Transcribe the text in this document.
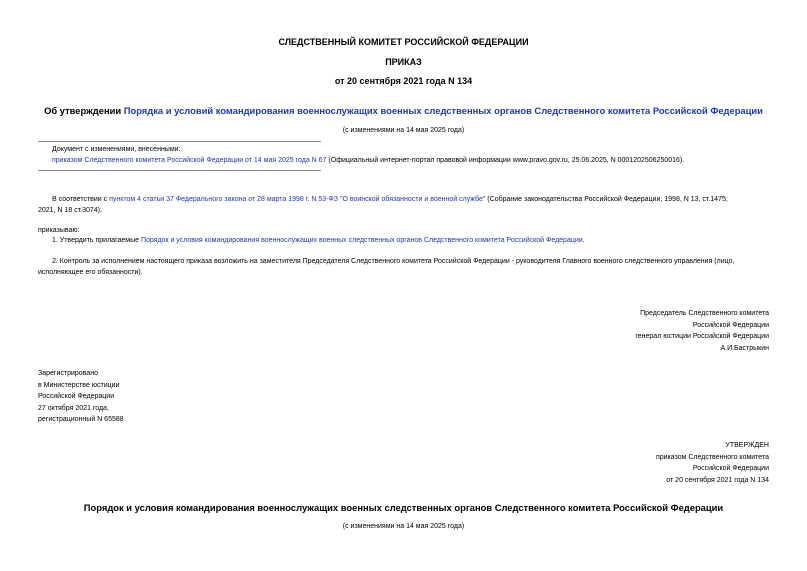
СЛЕДСТВЕННЫЙ КОМИТЕТ РОССИЙСКОЙ ФЕДЕРАЦИИ
ПРИКАЗ
от 20 сентября 2021 года N 134
Об утверждении Порядка и условий командирования военнослужащих военных следственных органов Следственного комитета Российской Федерации
(с изменениями на 14 мая 2025 года)
Документ с изменениями, внесенными:
приказом Следственного комитета Российской Федерации от 14 мая 2025 года N 67 (Официальный интернет-портал правовой информации www.pravo.gov.ru, 25.06.2025, N 0001202506250016).
В соответствии с пунктом 4 статьи 37 Федерального закона от 28 марта 1998 г. N 53-ФЗ "О воинской обязанности и военной службе" (Собрание законодательства Российской Федерации, 1998, N 13, ст.1475;
2021, N 18 ст.3074),
приказываю:
1. Утвердить прилагаемые Порядок и условия командирования военнослужащих военных следственных органов Следственного комитета Российской Федерации.
2. Контроль за исполнением настоящего приказа возложить на заместителя Председателя Следственного комитета Российской Федерации - руководителя Главного военного следственного управления (лицо,
исполняющее его обязанности).
Председатель Следственного комитета
Российской Федерации
генерал юстиции Российской Федерации
А.И.Бастрыкин
Зарегистрировано
в Министерстве юстиции
Российской Федерации
27 октября 2021 года,
регистрационный N 65588
УТВЕРЖДЕН
приказом Следственного комитета
Российской Федерации
от 20 сентября 2021 года N 134
Порядок и условия командирования военнослужащих военных следственных органов Следственного комитета Российской Федерации
(с изменениями на 14 мая 2025 года)
